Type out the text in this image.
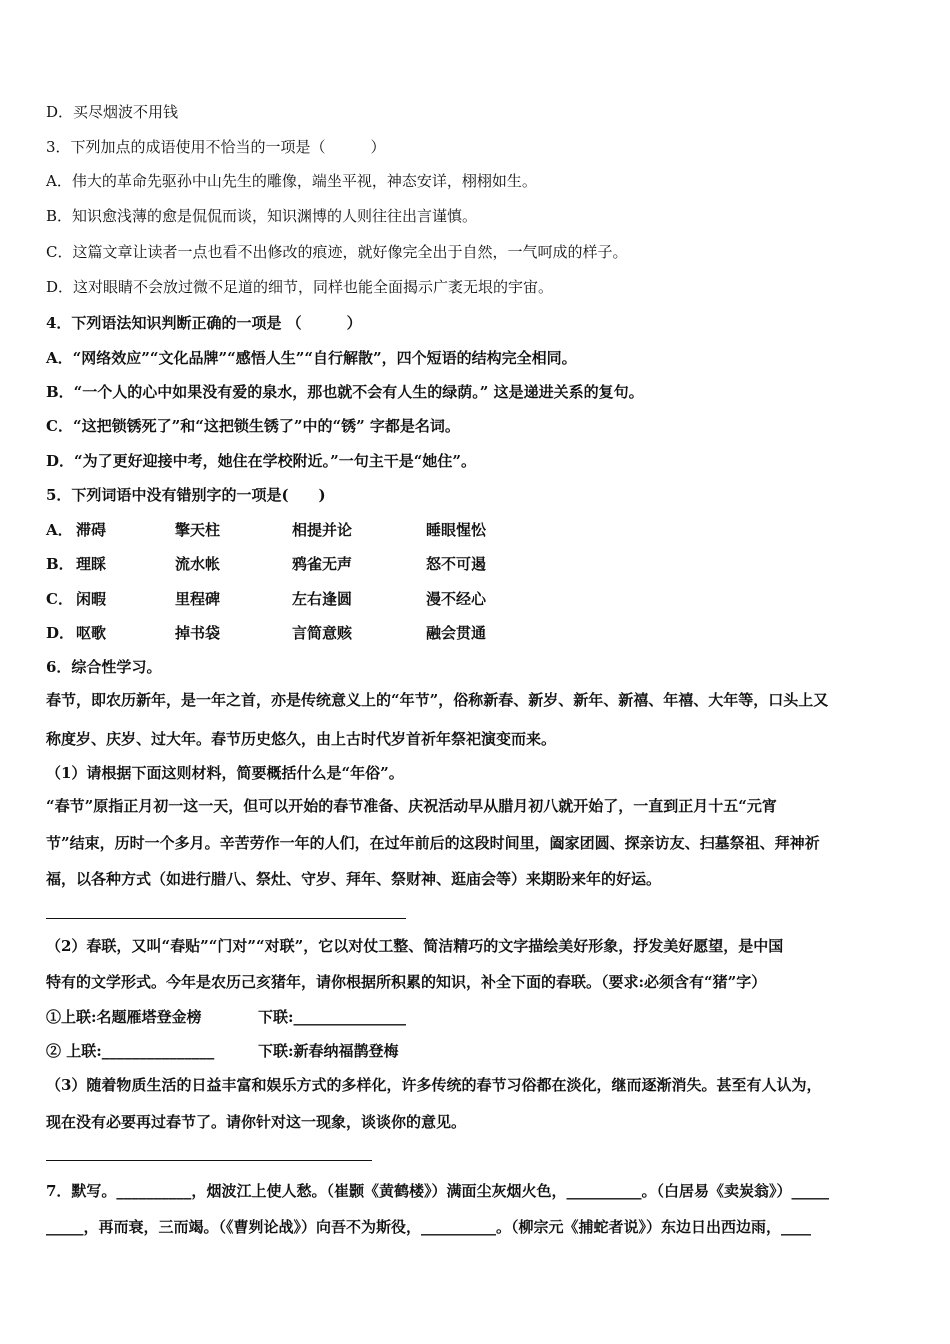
D．买尽烟波不用钱
3．下列加点的成语使用不恰当的一项是（　　　）
A．伟大的革命先驱孙中山先生的雕像，端坐平视，神态安详，栩栩如生。
B．知识愈浅薄的愈是侃侃而谈，知识渊博的人则往往出言谨慎。
C．这篇文章让读者一点也看不出修改的痕迹，就好像完全出于自然，一气呵成的样子。
D．这对眼睛不会放过微不足道的细节，同样也能全面揭示广袤无垠的宇宙。
4．下列语法知识判断正确的一项是 （　　　）
A．“网络效应”“文化品牌”“感悟人生”“自行解散”，四个短语的结构完全相同。
B．“一个人的心中如果没有爱的泉水，那也就不会有人生的绿荫。” 这是递进关系的复句。
C．“这把锁锈死了”和“这把锁生锈了”中的“锈” 字都是名词。
D．“为了更好迎接中考，她住在学校附近。”一句主干是“她住”。
5．下列词语中没有错别字的一项是(　　)
A． 滞碍	擎天柱	相提并论	睡眼惺忪
B． 理睬	流水帐	鸦雀无声	怒不可遏
C． 闲暇	里程碑	左右逢圆	漫不经心
D． 呕歌	掉书袋	言简意赅	融会贯通
6．综合性学习。
春节，即农历新年，是一年之首，亦是传统意义上的“年节”，俗称新春、新岁、新年、新禧、年禧、大年等，口头上又
称度岁、庆岁、过大年。春节历史悠久，由上古时代岁首祈年祭祀演变而来。
（1）请根据下面这则材料，简要概括什么是“年俗”。
“春节”原指正月初一这一天，但可以开始的春节准备、庆祝活动早从腊月初八就开始了，一直到正月十五“元宵
节”结束，历时一个多月。辛苦劳作一年的人们，在过年前后的这段时间里，阖家团圆、探亲访友、扫墓祭祖、拜神祈
福，以各种方式（如进行腊八、祭灶、守岁、拜年、祭财神、逛庙会等）来期盼来年的好运。
（2）春联，又叫“春贴”“门对”“对联”，它以对仗工整、简洁精巧的文字描绘美好形象，抒发美好愿望，是中国
特有的文学形式。今年是农历己亥猪年，请你根据所积累的知识，补全下面的春联。（要求:必须含有“猪”字）
①上联:名题雁塔登金榜	下联:_______________
② 上联:_______________	下联:新春纳福鹊登梅
（3）随着物质生活的日益丰富和娱乐方式的多样化，许多传统的春节习俗都在淡化，继而逐渐消失。甚至有人认为，
现在没有必要再过春节了。请你针对这一现象，谈谈你的意见。
7．默写。__________，烟波江上使人愁。（崔颢《黄鹤楼》）满面尘灰烟火色，__________。（白居易《卖炭翁》）_____
_____，再而衰，三而竭。（《曹刿论战》）向吾不为斯役，__________。（柳宗元《捕蛇者说》）东边日出西边雨，____
